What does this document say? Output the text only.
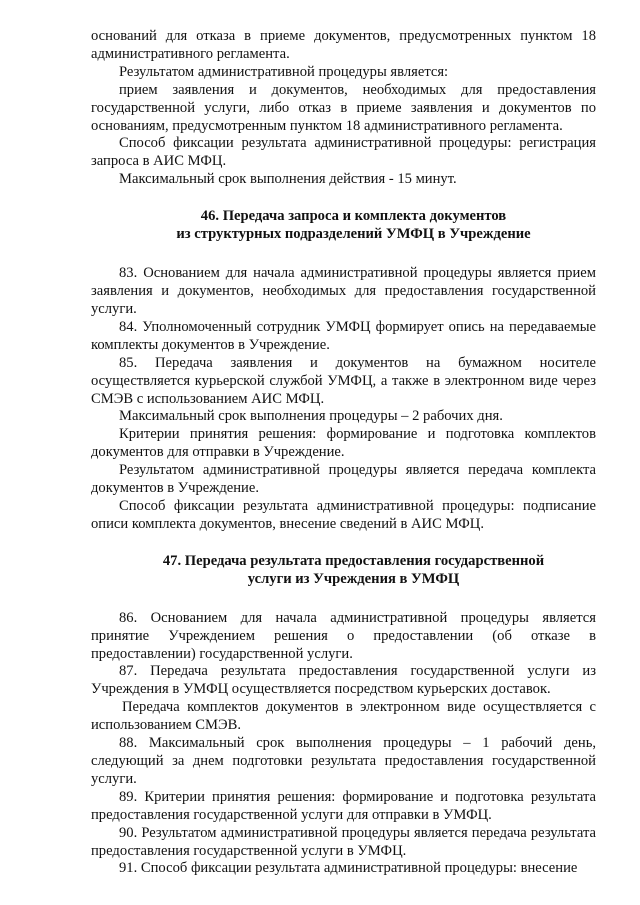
оснований для отказа в приеме документов, предусмотренных пунктом 18 административного регламента.

Результатом административной процедуры является:

прием заявления и документов, необходимых для предоставления государственной услуги, либо отказ в приеме заявления и документов по основаниям, предусмотренным пунктом 18 административного регламента.

Способ фиксации результата административной процедуры: регистрация запроса в АИС МФЦ.

Максимальный срок выполнения действия - 15 минут.

46. Передача запроса и комплекта документов

из структурных подразделений УМФЦ в Учреждение

83. Основанием для начала административной процедуры является прием заявления и документов, необходимых для предоставления государственной услуги.

84. Уполномоченный сотрудник УМФЦ формирует опись на передаваемые комплекты документов в Учреждение.

85. Передача заявления и документов на бумажном носителе осуществляется курьерской службой УМФЦ, а также в электронном виде через СМЭВ с использованием АИС МФЦ.

Максимальный срок выполнения процедуры – 2 рабочих дня.

Критерии принятия решения: формирование и подготовка комплектов документов для отправки в Учреждение.

Результатом административной процедуры является передача комплекта документов в Учреждение.

Способ фиксации результата административной процедуры: подписание описи комплекта документов, внесение сведений в АИС МФЦ.

47. Передача результата предоставления государственной

услуги из Учреждения в УМФЦ

86. Основанием для начала административной процедуры является принятие Учреждением решения о предоставлении (об отказе в предоставлении) государственной услуги.

87. Передача результата предоставления государственной услуги из Учреждения в УМФЦ осуществляется посредством курьерских доставок.

Передача комплектов документов в электронном виде осуществляется с использованием СМЭВ.

88. Максимальный срок выполнения процедуры – 1 рабочий день, следующий за днем подготовки результата предоставления государственной услуги.

89. Критерии принятия решения: формирование и подготовка результата предоставления государственной услуги для отправки в УМФЦ.

90. Результатом административной процедуры является передача результата предоставления государственной услуги в УМФЦ.

91. Способ фиксации результата административной процедуры: внесение
